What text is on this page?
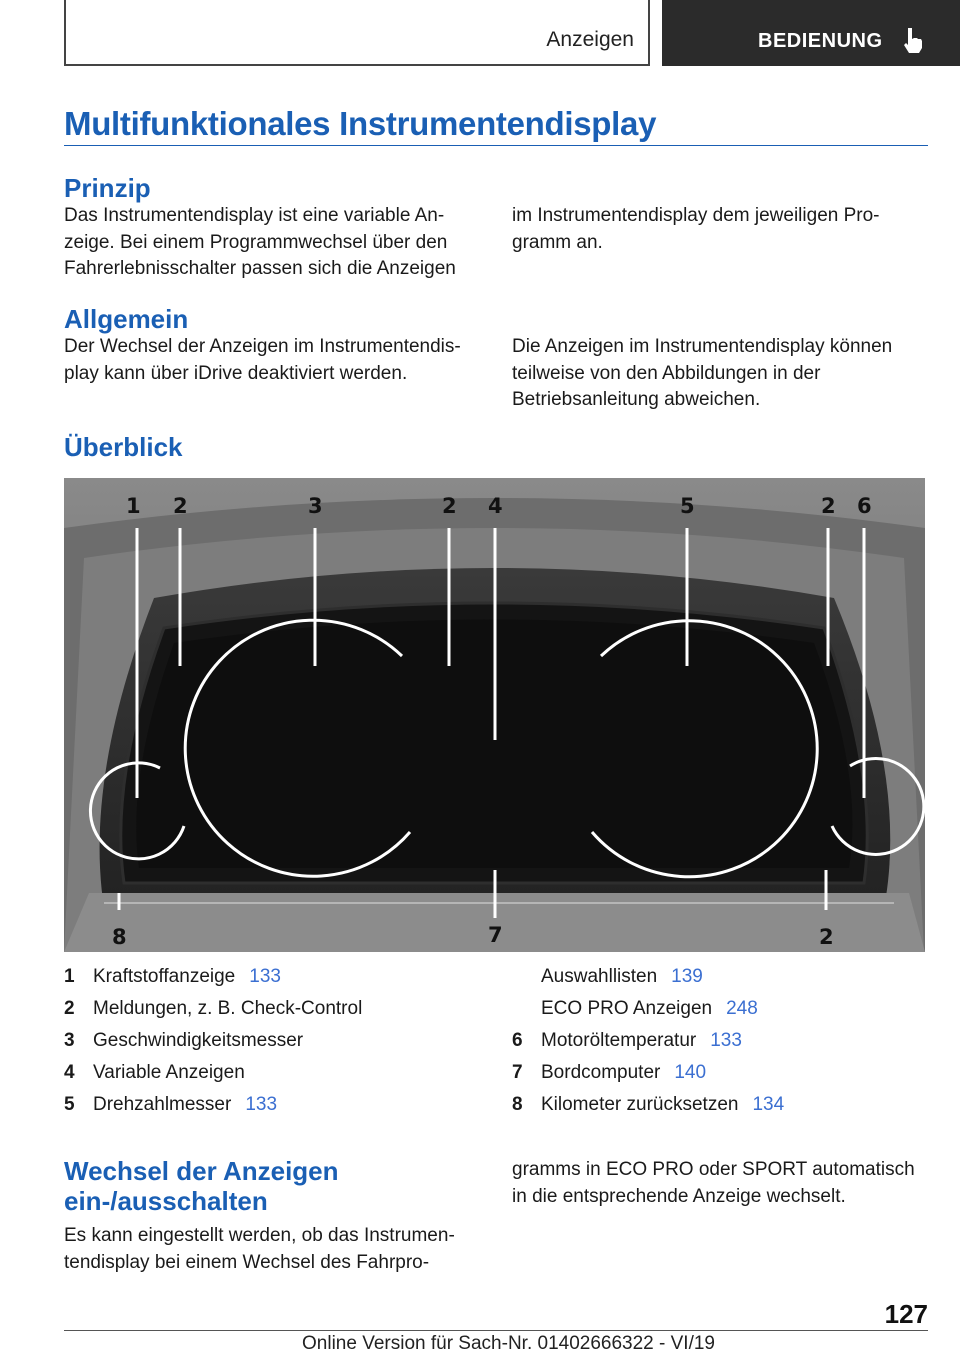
Anzeigen	BEDIENUNG
Multifunktionales Instrumentendisplay
Prinzip

Das Instrumentendisplay ist eine variable Anzeige. Bei einem Programmwechsel über den Fahrerlebnisschalter passen sich die Anzeigen

im Instrumentendisplay dem jeweiligen Programm an.

Allgemein

Der Wechsel der Anzeigen im Instrumentendisplay kann über iDrive deaktiviert werden.

Die Anzeigen im Instrumentendisplay können teilweise von den Abbildungen in der Betriebsanleitung abweichen.

Überblick
1 2	3	2 4	5	2 6
8	7	2
1 Kraftstoffanzeige 133
2 Meldungen, z. B. Check-Control
3 Geschwindigkeitsmesser
4 Variable Anzeigen
5 Drehzahlmesser 133
Auswahllisten 139
ECO PRO Anzeigen 248
6 Motoröltemperatur 133
7 Bordcomputer 140
8 Kilometer zurücksetzen 134
Wechsel der Anzeigen ein-/ausschalten

Es kann eingestellt werden, ob das Instrumentendisplay bei einem Wechsel des Fahrpro-

gramms in ECO PRO oder SPORT automatisch in die entsprechende Anzeige wechselt.

127
Online Version für Sach-Nr. 01402666322 - VI/19
